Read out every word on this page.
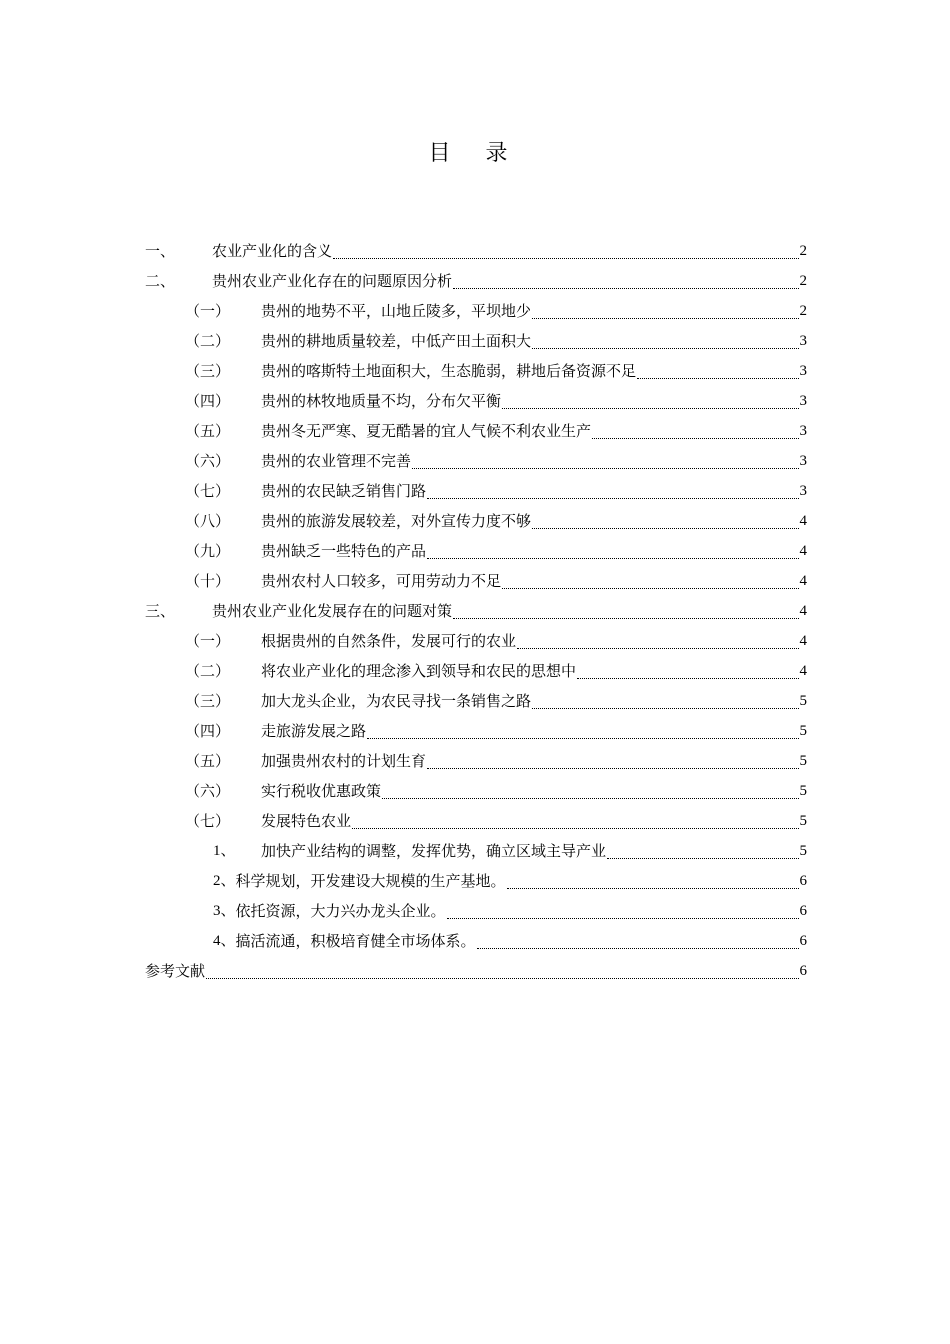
目 录
一、	农业产业化的含义	2
二、	贵州农业产业化存在的问题原因分析	2
（一）	贵州的地势不平，山地丘陵多，平坝地少	2
（二）	贵州的耕地质量较差，中低产田土面积大	3
（三）	贵州的喀斯特土地面积大，生态脆弱，耕地后备资源不足	3
（四）	贵州的林牧地质量不均，分布欠平衡	3
（五）	贵州冬无严寒、夏无酷暑的宜人气候不利农业生产	3
（六）	贵州的农业管理不完善	3
（七）	贵州的农民缺乏销售门路	3
（八）	贵州的旅游发展较差，对外宣传力度不够	4
（九）	贵州缺乏一些特色的产品	4
（十）	贵州农村人口较多，可用劳动力不足	4
三、	贵州农业产业化发展存在的问题对策	4
（一）	根据贵州的自然条件，发展可行的农业	4
（二）	将农业产业化的理念渗入到领导和农民的思想中	4
（三）	加大龙头企业，为农民寻找一条销售之路	5
（四）	走旅游发展之路	5
（五）	加强贵州农村的计划生育	5
（六）	实行税收优惠政策	5
（七）	发展特色农业	5
1、	加快产业结构的调整，发挥优势，确立区域主导产业	5
2、 科学规划，开发建设大规模的生产基地。	6
3、 依托资源，大力兴办龙头企业。	6
4、 搞活流通，积极培育健全市场体系。	6
参考文献	6
